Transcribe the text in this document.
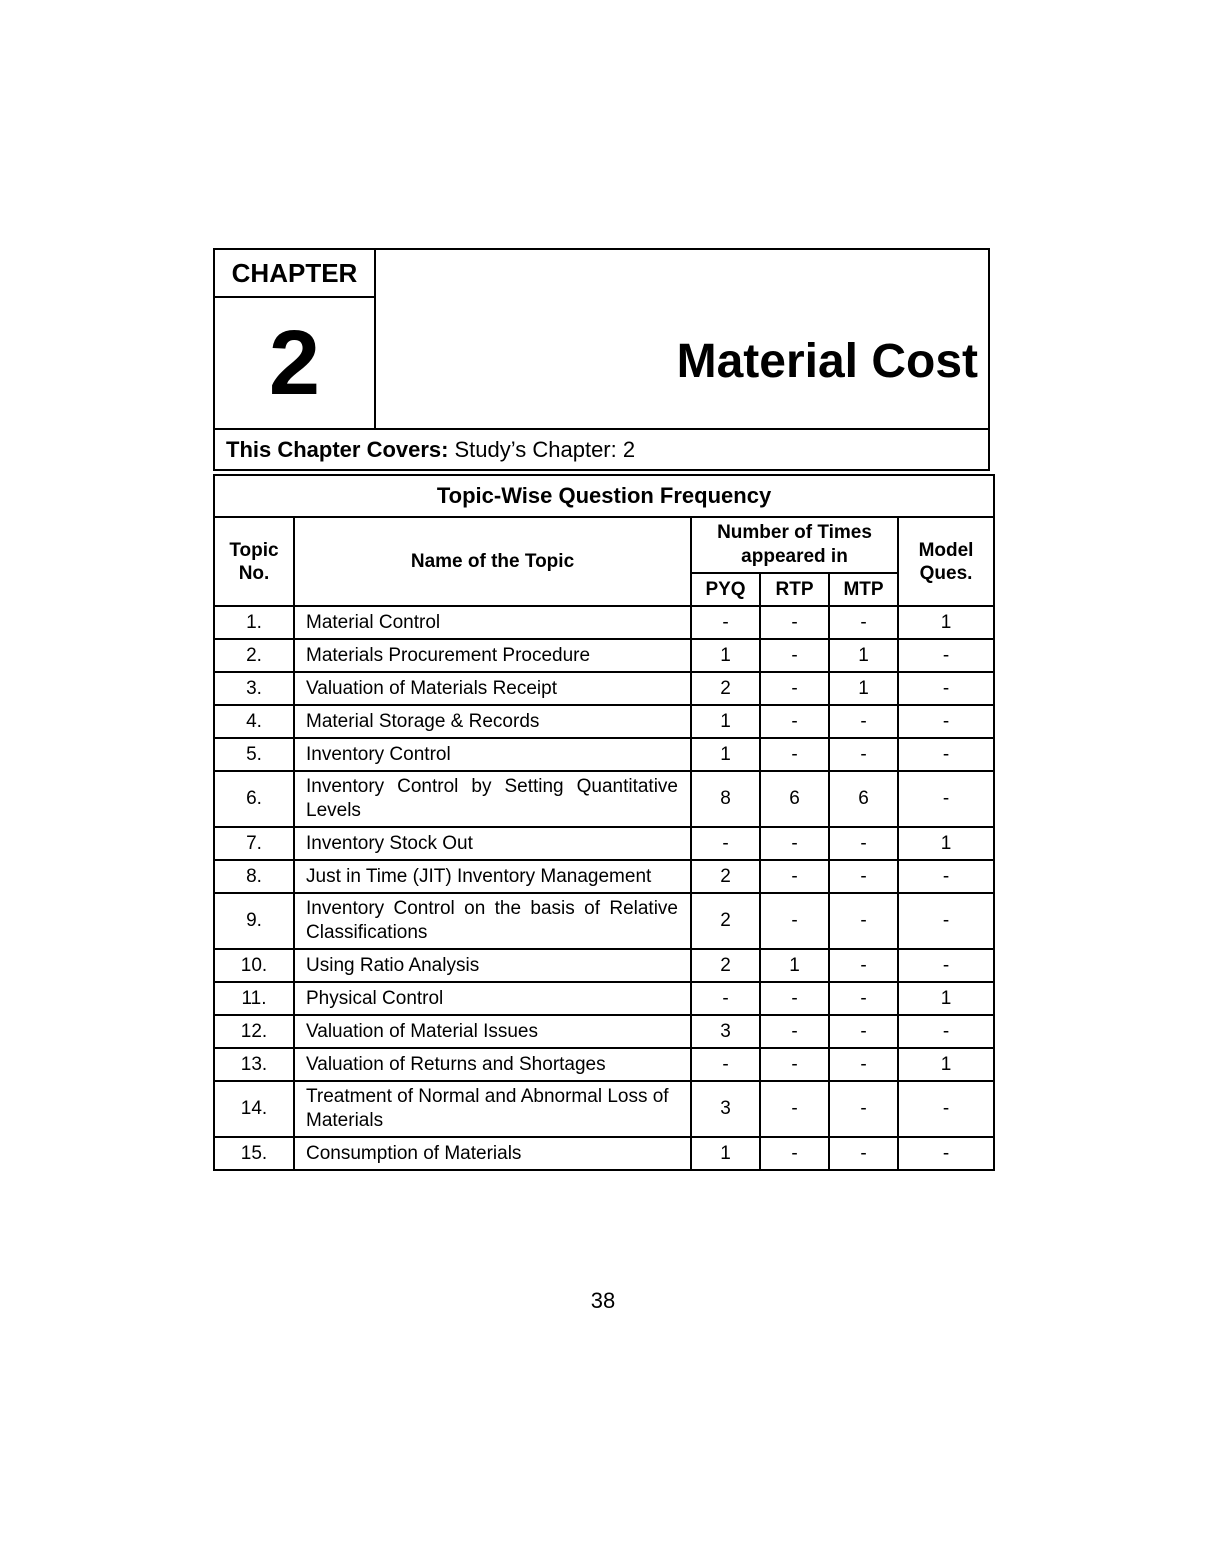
CHAPTER
2	Material Cost
This Chapter Covers: Study’s Chapter: 2
Topic-Wise Question Frequency					
Topic No.	Name of the Topic	Number of Times appeared in			Model Ques.
		PYQ	RTP	MTP	
1.	Material Control	-	-	-	1
2.	Materials Procurement Procedure	1	-	1	-
3.	Valuation of Materials Receipt	2	-	1	-
4.	Material Storage & Records	1	-	-	-
5.	Inventory Control	1	-	-	-
6.	Inventory Control by Setting Quantitative Levels	8	6	6	-
7.	Inventory Stock Out	-	-	-	1
8.	Just in Time (JIT) Inventory Management	2	-	-	-
9.	Inventory Control on the basis of Relative Classifications	2	-	-	-
10.	Using Ratio Analysis	2	1	-	-
11.	Physical Control	-	-	-	1
12.	Valuation of Material Issues	3	-	-	-
13.	Valuation of Returns and Shortages	-	-	-	1
14.	Treatment of Normal and Abnormal Loss of Materials	3	-	-	-
15.	Consumption of Materials	1	-	-	-
38
